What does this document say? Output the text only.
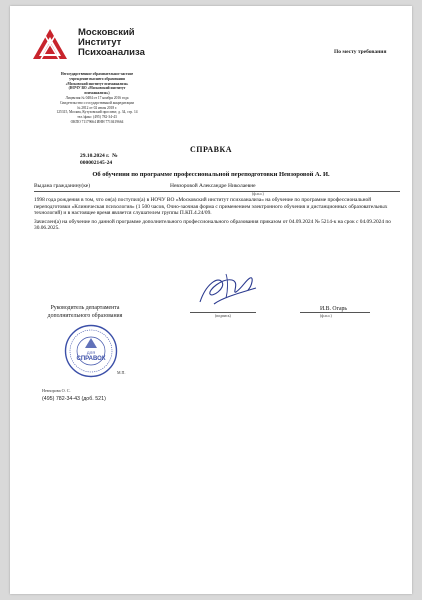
Московский
Институт
Психоанализа	По месту требования
Негосударственное образовательное частное
учреждение высшего образования
«Московский институт психоанализа»
(НОЧУ ВО «Московский институт
психоанализа»)
Лицензия № 0484 от 17 ноября 2016 года
Свидетельство о государственной аккредитации
№ 2812 от 02 июля 2018 г.
125315, Москва, Кутузовский проспект, д. 34, стр. 14
тел./факс: (495) 782-34-43
ОКПО 71179664 ИНН 7710419664
СПРАВКА
29.10.2024 г. №
000002145-24
Об обучении по программе профессиональной переподготовки Невзоровой А. И.
Выдана гражданину(ке)	Невзоровой Александре Николаевне
(ф.и.о.)

1998 года рождения в том, что он(а) поступил(а) в НОЧУ ВО «Московский институт психоанализа» на обучение по программе профессиональной переподготовки «Клиническая психология» (1 500 часов, Очно-заочная форма с применением электронного обучения и дистанционных образовательных технологий) и в настоящее время является слушателем группы П.КП.4.24/09.

Зачислен(а) на обучение по данной программе дополнительного профессионального образования приказом от 04.09.2024 № 5214-к на срок с 04.09.2024 по 30.06.2025.

Руководитель департамента дополнительного образования	(подпись)
И.В. Огарь
(ф.и.о.)
ДЛЯ
СПРАВОК
М.П.
Невзорова О. С.
(495) 782-34-43 (доб. 521)
